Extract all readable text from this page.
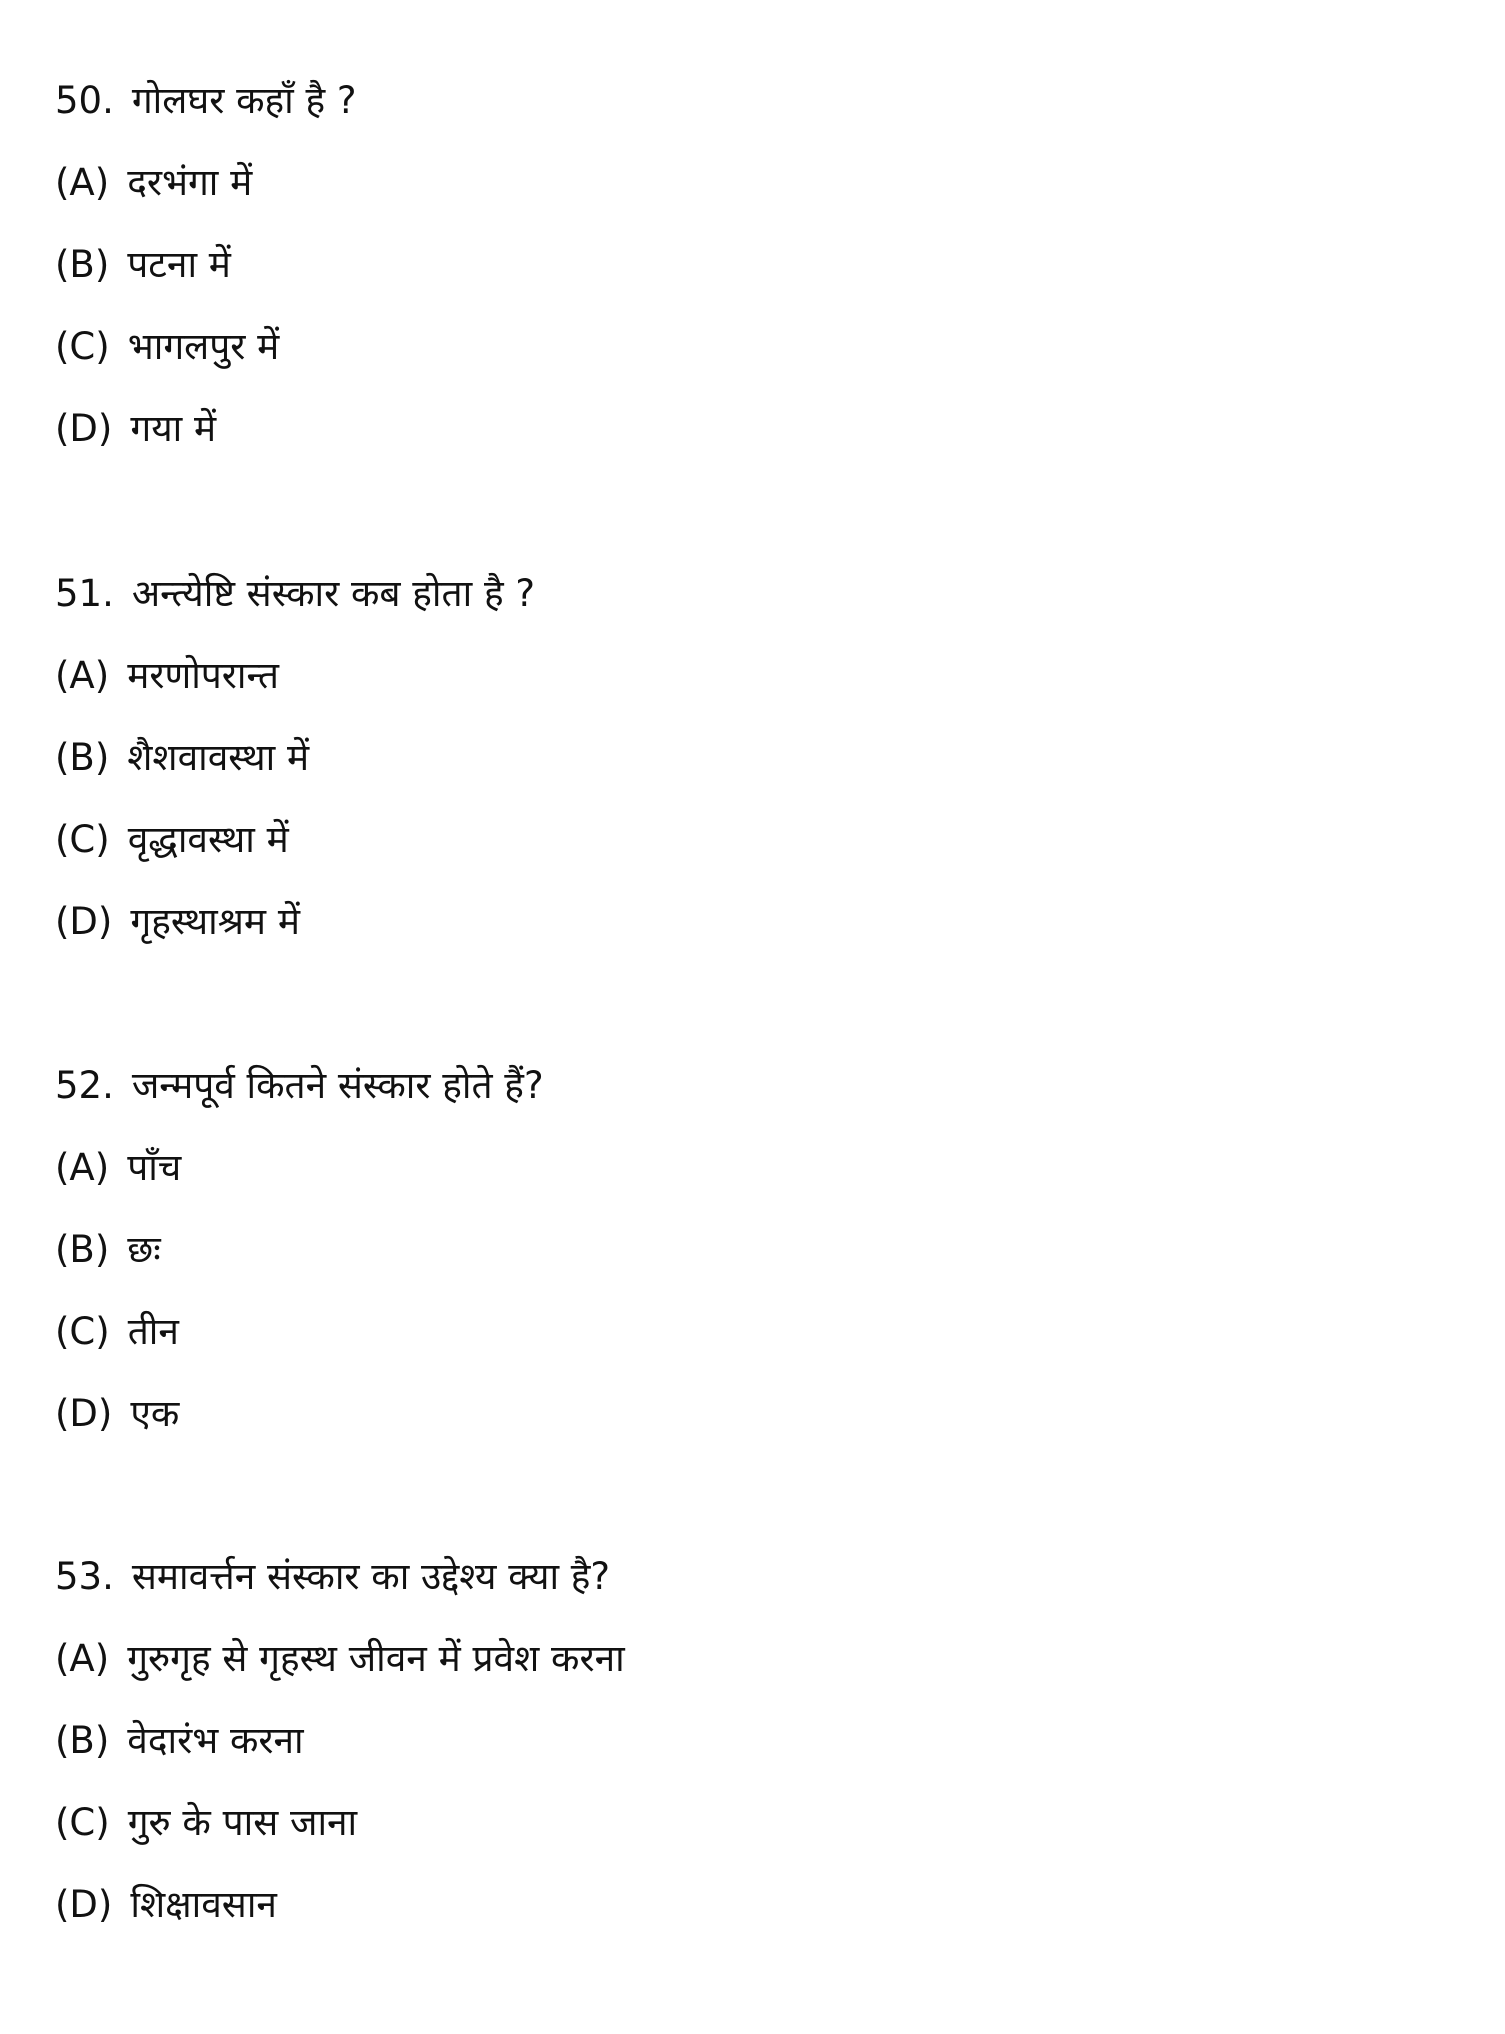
50. गोलघर कहाँ है ?
(A) दरभंगा में
(B) पटना में
(C) भागलपुर में
(D) गया में
51. अन्त्येष्टि संस्कार कब होता है ?
(A) मरणोपरान्त
(B) शैशवावस्था में
(C) वृद्धावस्था में
(D) गृहस्थाश्रम में
52. जन्मपूर्व कितने संस्कार होते हैं?
(A) पाँच
(B) छः
(C) तीन
(D) एक
53. समावर्त्तन संस्कार का उद्देश्य क्या है?
(A) गुरुगृह से गृहस्थ जीवन में प्रवेश करना
(B) वेदारंभ करना
(C) गुरु के पास जाना
(D) शिक्षावसान
